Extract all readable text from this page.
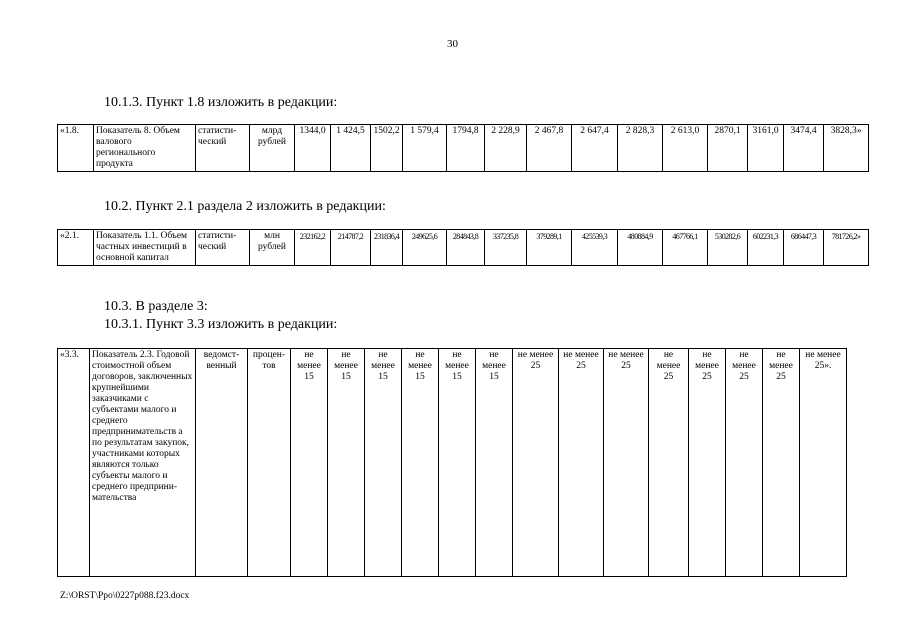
30
10.1.3. Пункт 1.8 изложить в редакции:
«1.8.	Показатель 8. Объем валового регионального продукта	статисти-ческий	млрд рублей	1344,0	1 424,5	1502,2	1 579,4	1794,8	2 228,9	2 467,8	2 647,4	2 828,3	2 613,0	2870,1	3161,0	3474,4	3828,3»
10.2. Пункт 2.1 раздела 2 изложить в редакции:
«2.1.	Показатель 1.1. Объем частных инвестиций в основной капитал	статисти-ческий	млн рублей	232162,2	214787,2	231836,4	249625,6	284843,8	337235,8	379289,1	425539,3	480884,9	467766,1	530282,6	602231,3	686447,3	781726,2»
10.3. В разделе 3:
10.3.1. Пункт 3.3 изложить в редакции:
«3.3.	Показатель 2.3. Годовой стоимостной объем договоров, заключенных крупнейшими заказчиками с субъектами малого и среднего предпринимательств а по результатам закупок, участниками которых являются только субъекты малого и среднего предприни-мательства	ведомст-венный	процен-тов	не менее 15	не менее 15	не менее 15	не менее 15	не менее 15	не менее 15	не менее 25	не менее 25	не менее 25	не менее 25	не менее 25	не менее 25	не менее 25	не менее 25».
Z:\ORST\Ppo\0227p088.f23.docx
